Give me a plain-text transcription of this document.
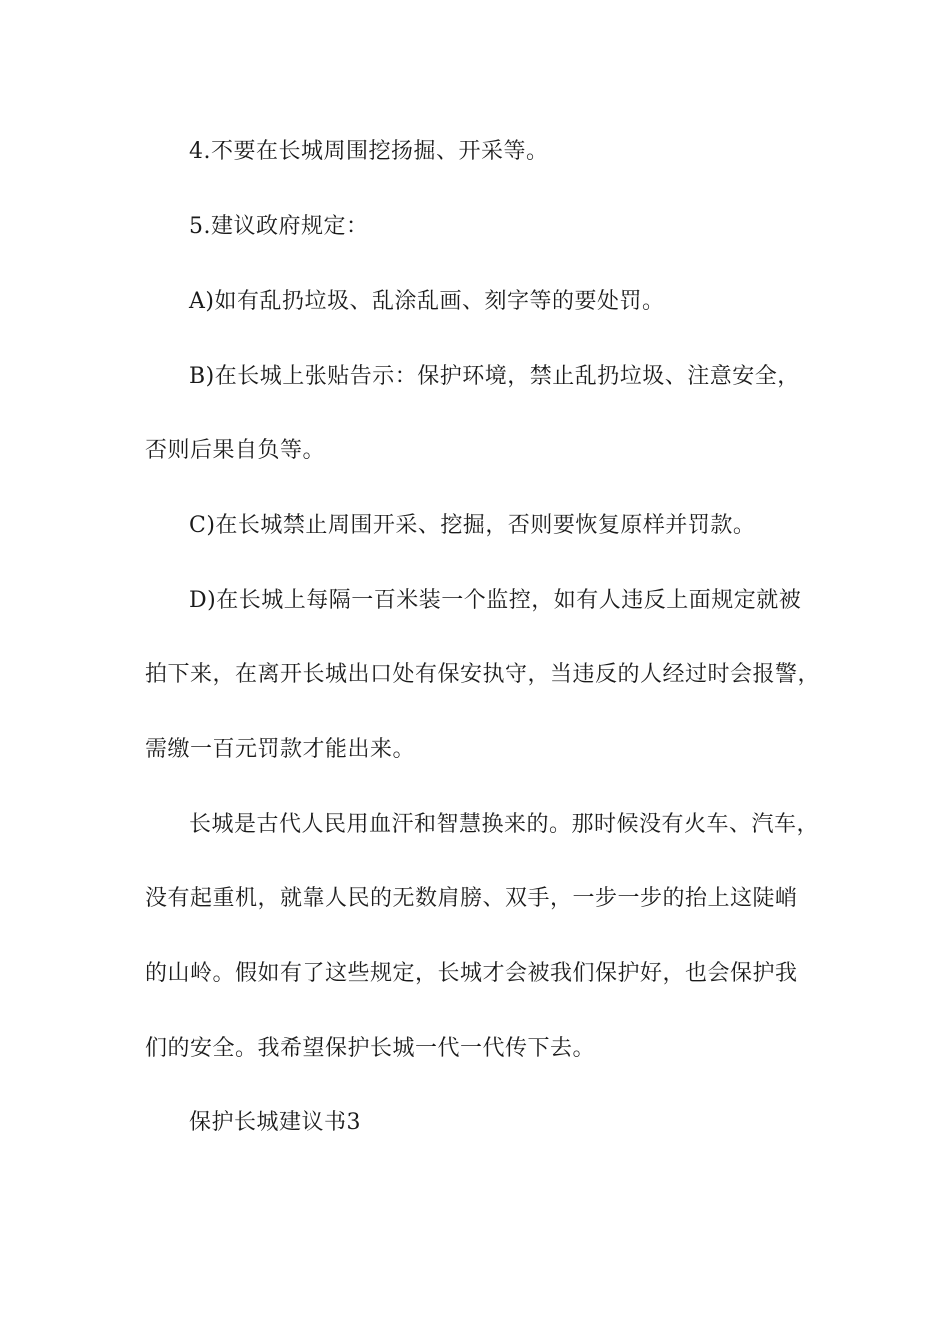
4.不要在长城周围挖扬掘、开采等。
5.建议政府规定：
A)如有乱扔垃圾、乱涂乱画、刻字等的要处罚。
B)在长城上张贴告示：保护环境，禁止乱扔垃圾、注意安全，
否则后果自负等。
C)在长城禁止周围开采、挖掘，否则要恢复原样并罚款。
D)在长城上每隔一百米装一个监控，如有人违反上面规定就被
拍下来，在离开长城出口处有保安执守，当违反的人经过时会报警，
需缴一百元罚款才能出来。
长城是古代人民用血汗和智慧换来的。那时候没有火车、汽车，
没有起重机，就靠人民的无数肩膀、双手，一步一步的抬上这陡峭
的山岭。假如有了这些规定，长城才会被我们保护好，也会保护我
们的安全。我希望保护长城一代一代传下去。
保护长城建议书3
